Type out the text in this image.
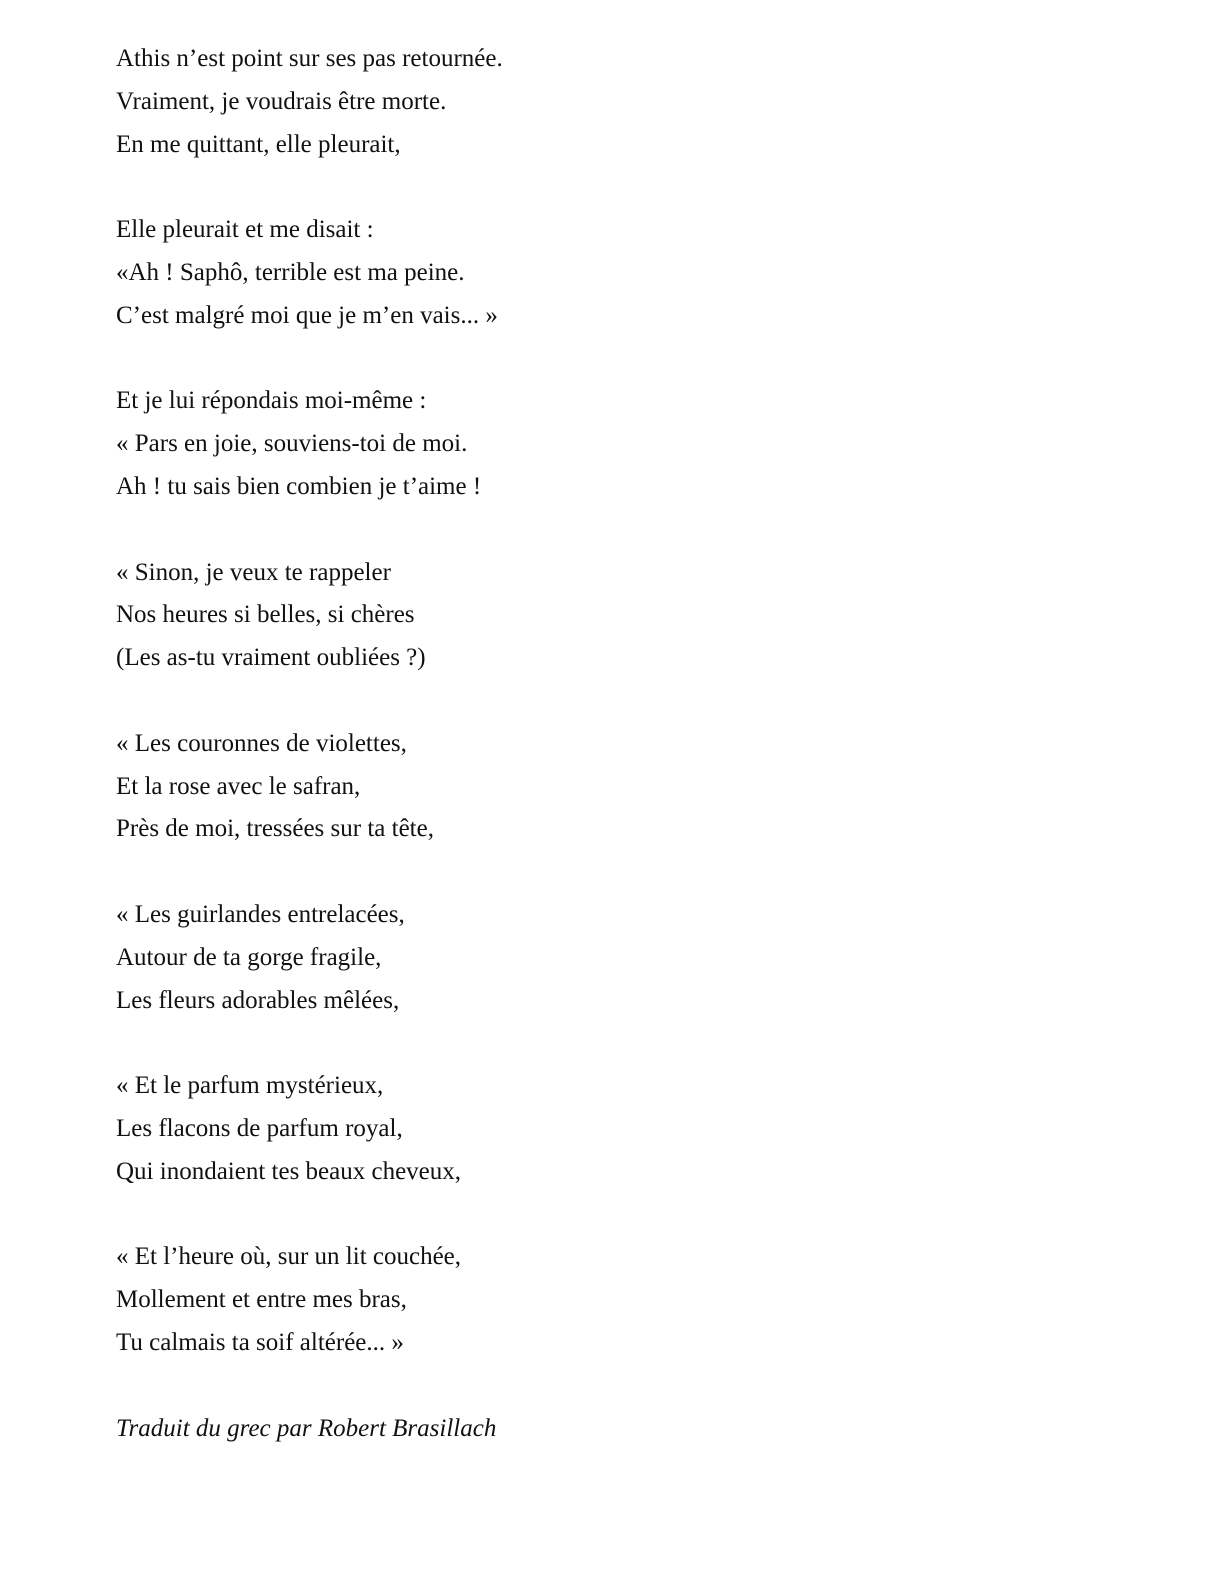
Athis n’est point sur ses pas retournée.
Vraiment, je voudrais être morte.
En me quittant, elle pleurait,
Elle pleurait et me disait :
«Ah ! Saphô, terrible est ma peine.
C’est malgré moi que je m’en vais... »
Et je lui répondais moi-même :
« Pars en joie, souviens-toi de moi.
Ah ! tu sais bien combien je t’aime !
« Sinon, je veux te rappeler
Nos heures si belles, si chères
(Les as-tu vraiment oubliées ?)
« Les couronnes de violettes,
Et la rose avec le safran,
Près de moi, tressées sur ta tête,
« Les guirlandes entrelacées,
Autour de ta gorge fragile,
Les fleurs adorables mêlées,
« Et le parfum mystérieux,
Les flacons de parfum royal,
Qui inondaient tes beaux cheveux,
« Et l’heure où, sur un lit couchée,
Mollement et entre mes bras,
Tu calmais ta soif altérée... »
Traduit du grec par Robert Brasillach
